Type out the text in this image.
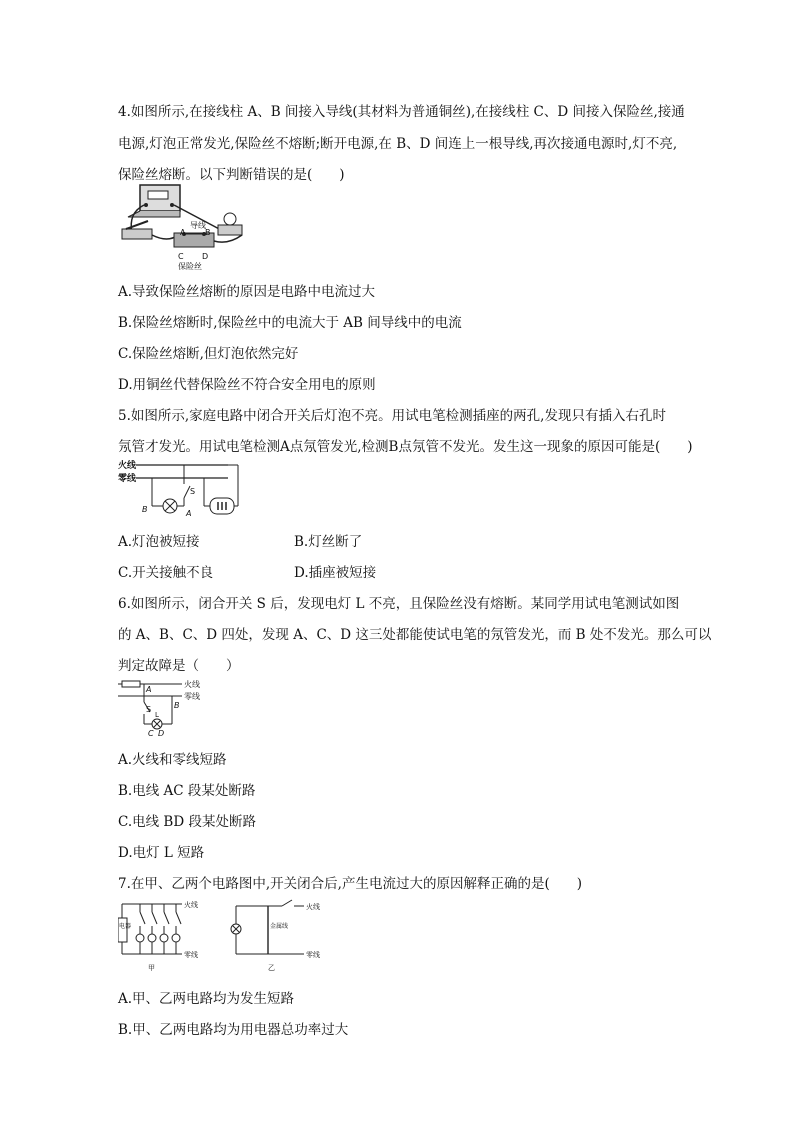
4.如图所示,在接线柱 A、B 间接入导线(其材料为普通铜丝),在接线柱 C、D 间接入保险丝,接通
电源,灯泡正常发光,保险丝不熔断;断开电源,在 B、D 间连上一根导线,再次接通电源时,灯不亮,
保险丝熔断。以下判断错误的是(　　)
导线
A B
C D
保险丝
A.导致保险丝熔断的原因是电路中电流过大
B.保险丝熔断时,保险丝中的电流大于 AB 间导线中的电流
C.保险丝熔断,但灯泡依然完好
D.用铜丝代替保险丝不符合安全用电的原则
5.如图所示,家庭电路中闭合开关后灯泡不亮。用试电笔检测插座的两孔,发现只有插入右孔时
氖管才发光。用试电笔检测A点氖管发光,检测B点氖管不发光。发生这一现象的原因可能是(　　)
火线
零线
S
A
B
A.灯泡被短接	B.灯丝断了
C.开关接触不良	D.插座被短接
6.如图所示，闭合开关 S 后，发现电灯 L 不亮，且保险丝没有熔断。某同学用试电笔测试如图
的 A、B、C、D 四处，发现 A、C、D 这三处都能使试电笔的氖管发光，而 B 处不发光。那么可以
判定故障是（　　）
火线
零线
A
S
L
B
C D
A.火线和零线短路
B.电线 AC 段某处断路
C.电线 BD 段某处断路
D.电灯 L 短路
7.在甲、乙两个电路图中,开关闭合后,产生电流过大的原因解释正确的是(　　)
火线
零线
电器
甲
火线
零线
金属线
乙
A.甲、乙两电路均为发生短路
B.甲、乙两电路均为用电器总功率过大
